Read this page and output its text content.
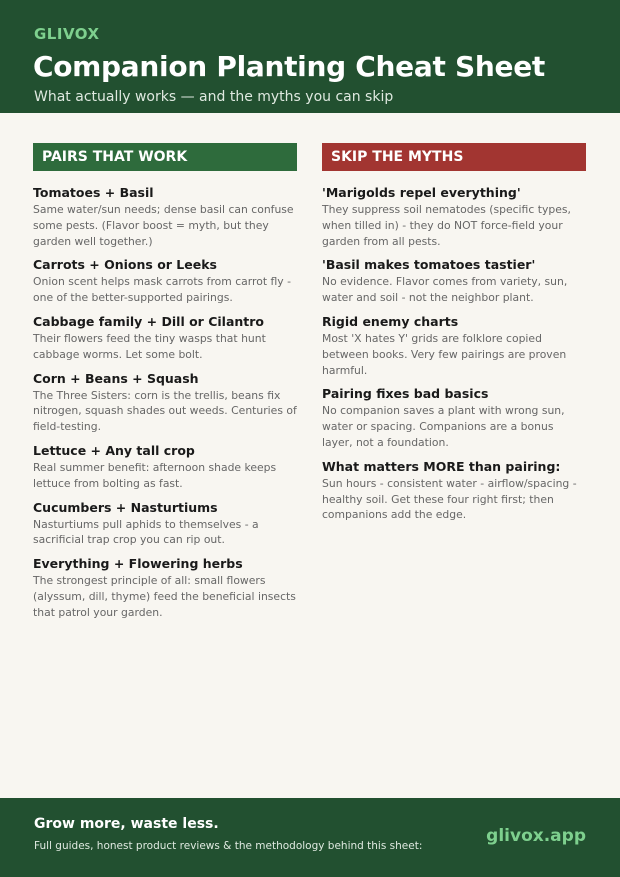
GLIVOX
Companion Planting Cheat Sheet
What actually works — and the myths you can skip
PAIRS THAT WORK
Tomatoes + Basil
Same water/sun needs; dense basil can confuse some pests. (Flavor boost = myth, but they garden well together.)
Carrots + Onions or Leeks
Onion scent helps mask carrots from carrot fly - one of the better-supported pairings.
Cabbage family + Dill or Cilantro
Their flowers feed the tiny wasps that hunt cabbage worms. Let some bolt.
Corn + Beans + Squash
The Three Sisters: corn is the trellis, beans fix nitrogen, squash shades out weeds. Centuries of field-testing.
Lettuce + Any tall crop
Real summer benefit: afternoon shade keeps lettuce from bolting as fast.
Cucumbers + Nasturtiums
Nasturtiums pull aphids to themselves - a sacrificial trap crop you can rip out.
Everything + Flowering herbs
The strongest principle of all: small flowers (alyssum, dill, thyme) feed the beneficial insects that patrol your garden.
SKIP THE MYTHS
'Marigolds repel everything'
They suppress soil nematodes (specific types, when tilled in) - they do NOT force-field your garden from all pests.
'Basil makes tomatoes tastier'
No evidence. Flavor comes from variety, sun, water and soil - not the neighbor plant.
Rigid enemy charts
Most 'X hates Y' grids are folklore copied between books. Very few pairings are proven harmful.
Pairing fixes bad basics
No companion saves a plant with wrong sun, water or spacing. Companions are a bonus layer, not a foundation.
What matters MORE than pairing:
Sun hours - consistent water - airflow/spacing - healthy soil. Get these four right first; then companions add the edge.
Grow more, waste less.
Full guides, honest product reviews & the methodology behind this sheet:	glivox.app
